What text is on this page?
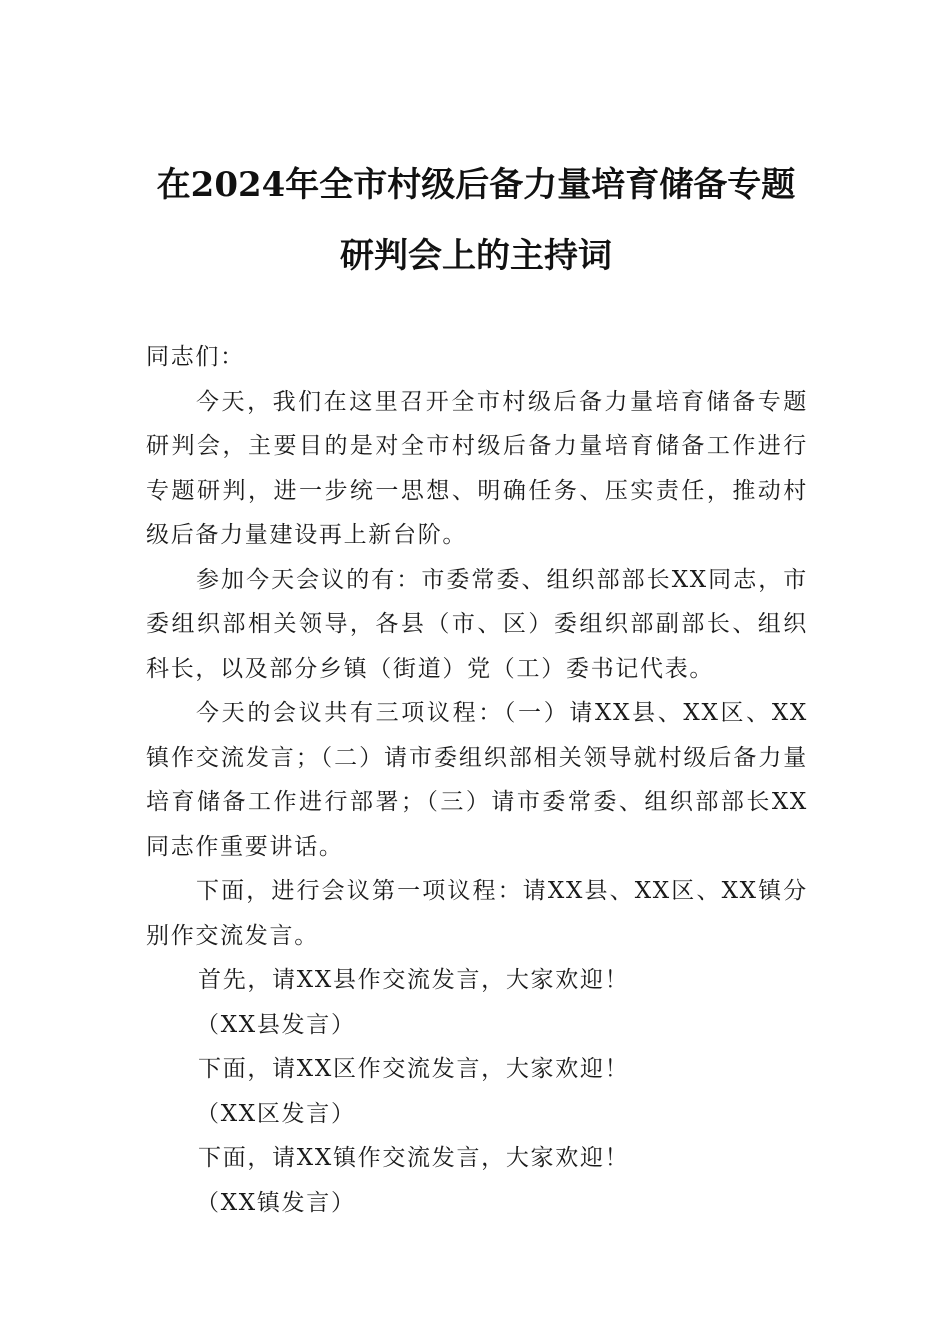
在2024年全市村级后备力量培育储备专题
研判会上的主持词

同志们：

今天，我们在这里召开全市村级后备力量培育储备专题研判会，主要目的是对全市村级后备力量培育储备工作进行专题研判，进一步统一思想、明确任务、压实责任，推动村级后备力量建设再上新台阶。

参加今天会议的有：市委常委、组织部部长XX同志，市委组织部相关领导，各县（市、区）委组织部副部长、组织科长，以及部分乡镇（街道）党（工）委书记代表。

今天的会议共有三项议程：（一）请XX县、XX区、XX镇作交流发言；（二）请市委组织部相关领导就村级后备力量培育储备工作进行部署；（三）请市委常委、组织部部长XX同志作重要讲话。

下面，进行会议第一项议程：请XX县、XX区、XX镇分别作交流发言。

首先，请XX县作交流发言，大家欢迎！

（XX县发言）

下面，请XX区作交流发言，大家欢迎！

（XX区发言）

下面，请XX镇作交流发言，大家欢迎！

（XX镇发言）
